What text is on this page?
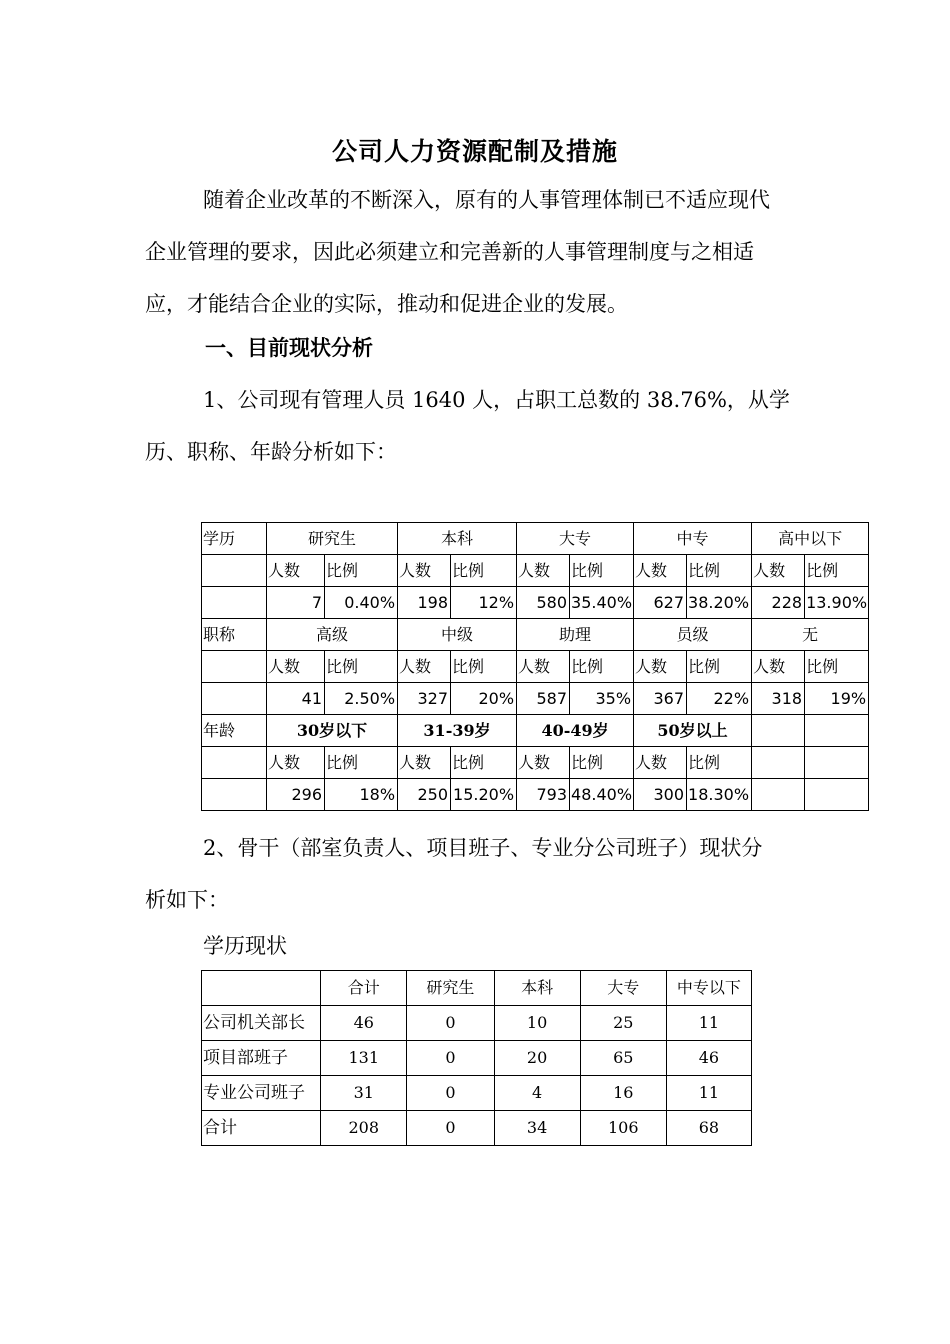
公司人力资源配制及措施
随着企业改革的不断深入，原有的人事管理体制已不适应现代
企业管理的要求，因此必须建立和完善新的人事管理制度与之相适
应，才能结合企业的实际，推动和促进企业的发展。
一、目前现状分析
1、公司现有管理人员 1640 人，占职工总数的 38.76%，从学
历、职称、年龄分析如下：
学历	研究生		本科		大专		中专		高中以下	
	人数	比例	人数	比例	人数	比例	人数	比例	人数	比例
	7	0.40%	198	12%	580	35.40%	627	38.20%	228	13.90%
职称	高级		中级		助理		员级		无	
	人数	比例	人数	比例	人数	比例	人数	比例	人数	比例
	41	2.50%	327	20%	587	35%	367	22%	318	19%
年龄	30岁以下		31-39岁		40-49岁		50岁以上			
	人数	比例	人数	比例	人数	比例	人数	比例		
	296	18%	250	15.20%	793	48.40%	300	18.30%		
2、骨干（部室负责人、项目班子、专业分公司班子）现状分
析如下：
学历现状
	合计	研究生	本科	大专	中专以下
公司机关部长	46	0	10	25	11
项目部班子	131	0	20	65	46
专业公司班子	31	0	4	16	11
合计	208	0	34	106	68
